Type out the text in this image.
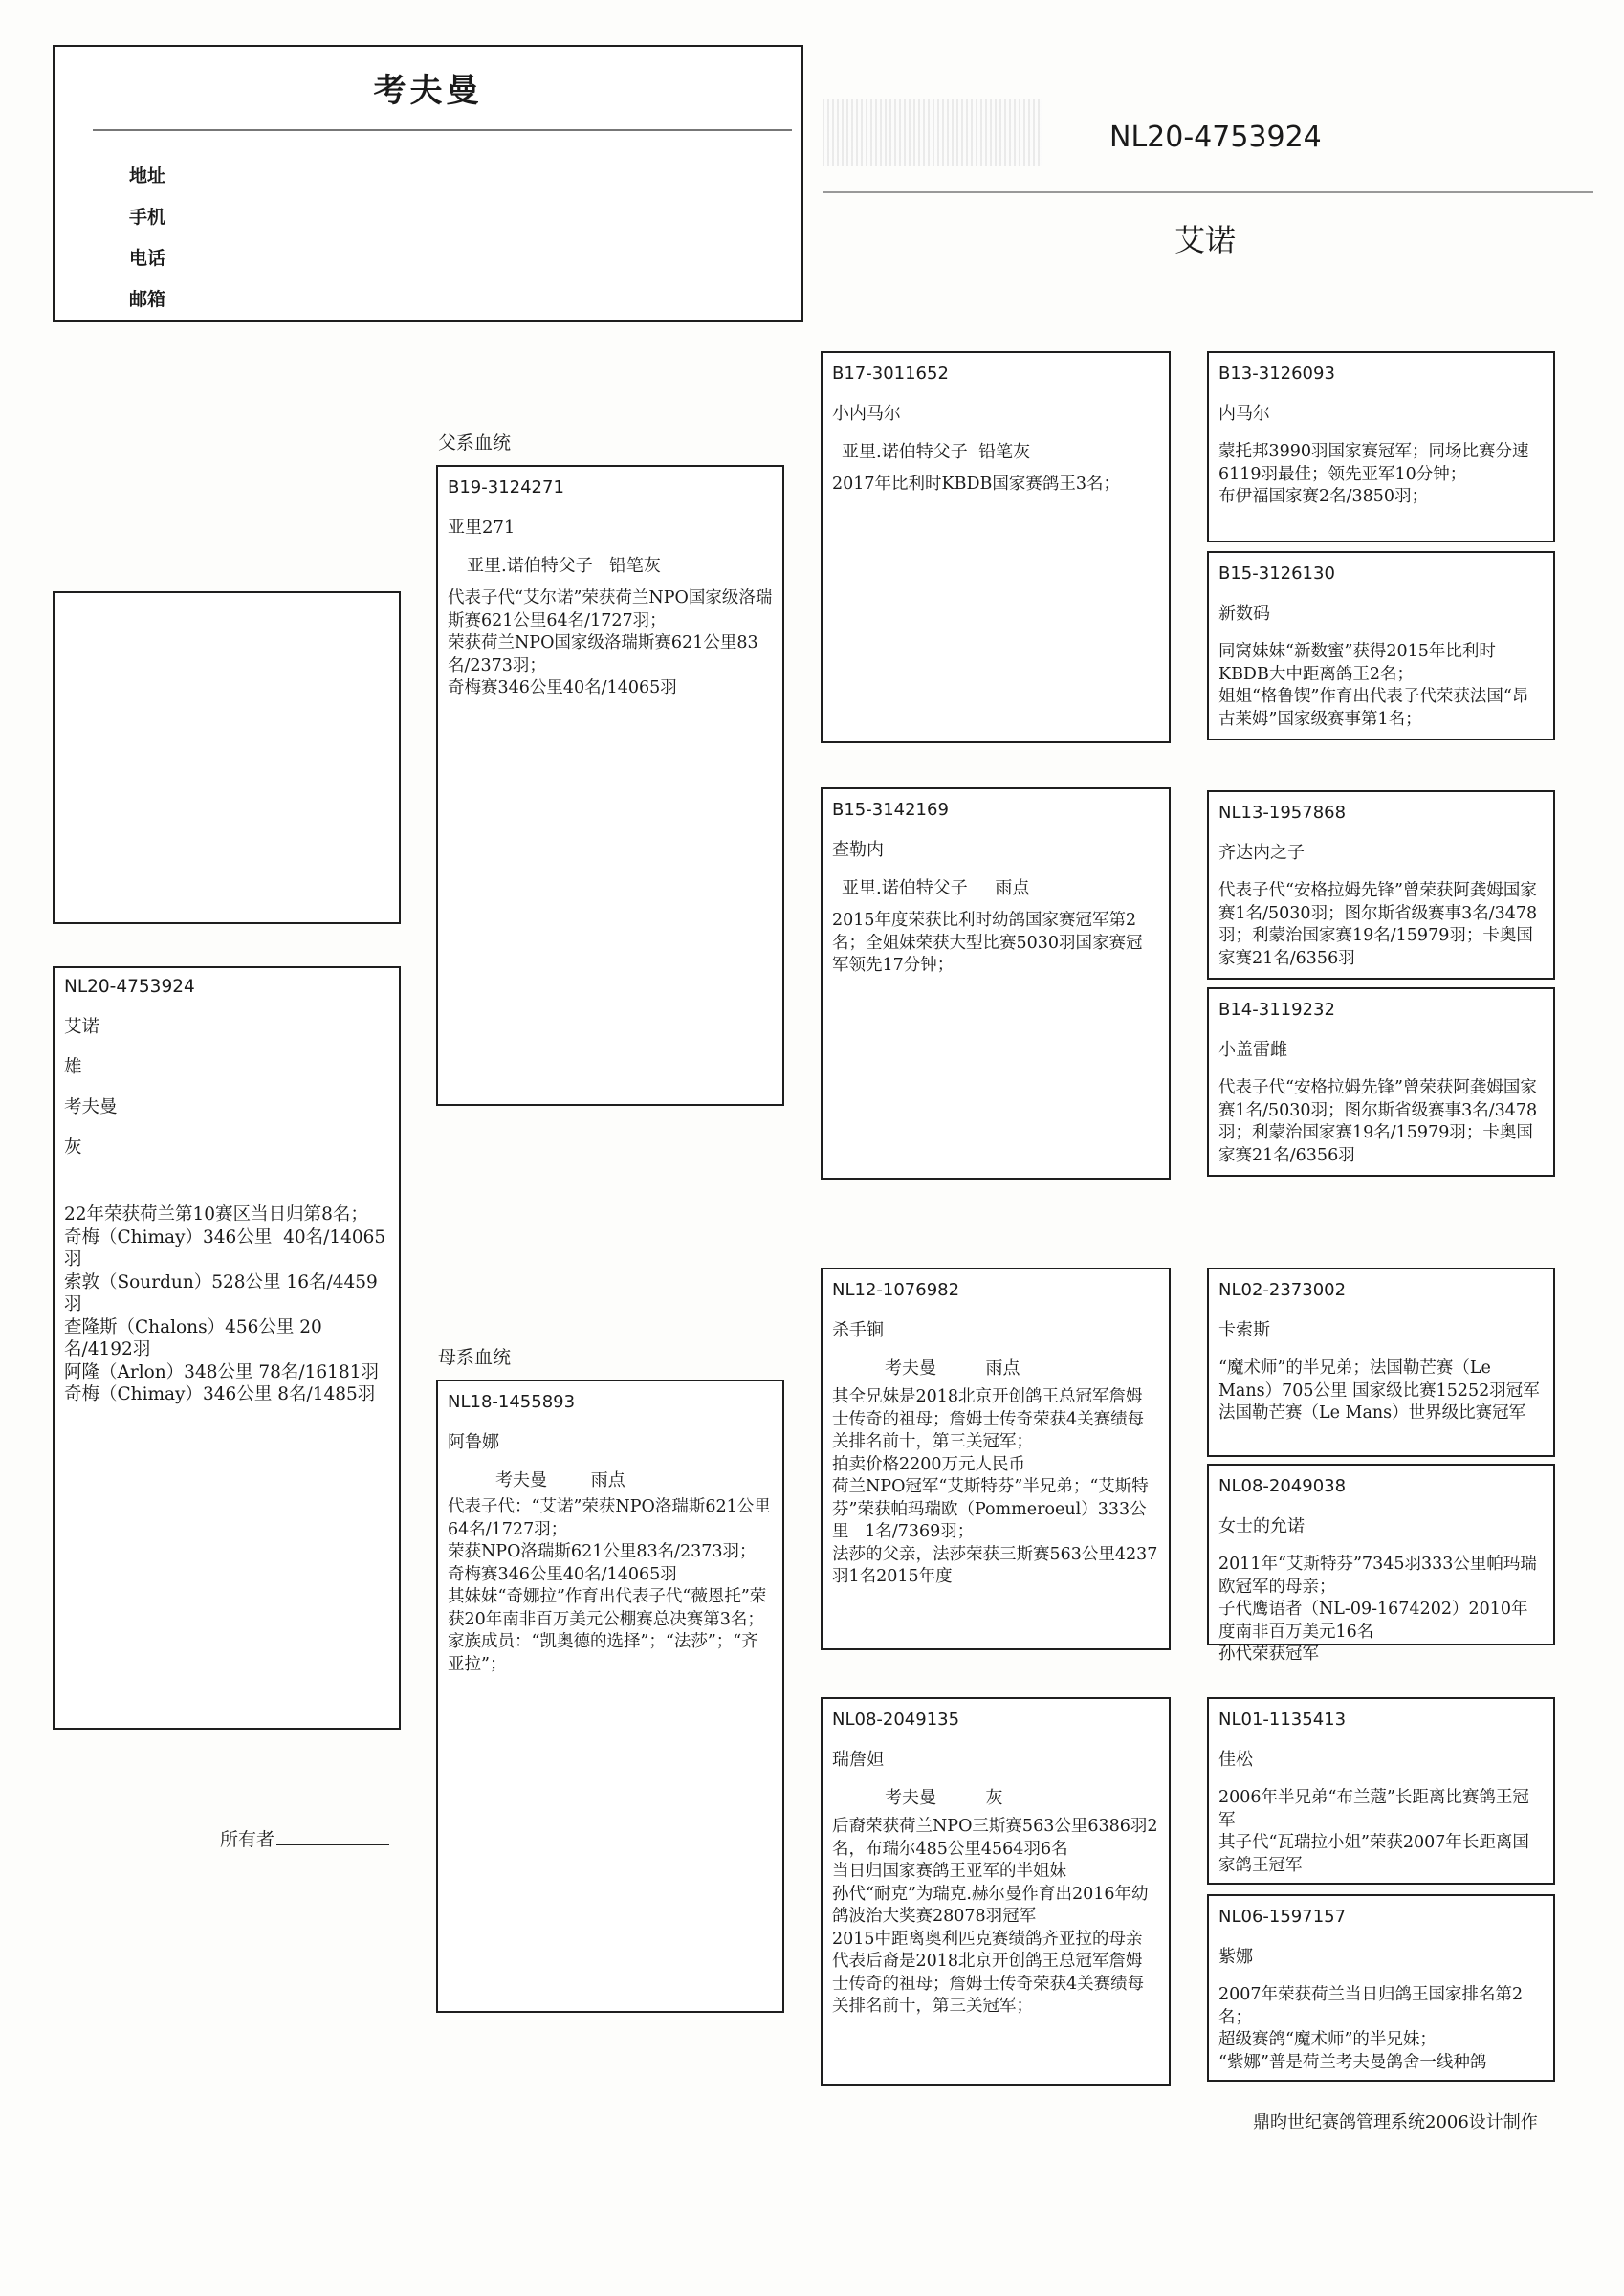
考夫曼
地址
手机
电话
邮箱
NL20-4753924
艾诺
NL20-4753924
艾诺
雄
考夫曼
灰
22年荣获荷兰第10赛区当日归第8名；
奇梅（Chimay）346公里  40名/14065羽
索敦（Sourdun）528公里 16名/4459羽
查隆斯（Chalons）456公里 20名/4192羽
阿隆（Arlon）348公里 78名/16181羽
奇梅（Chimay）346公里 8名/1485羽
父系血统
母系血统
B19-3124271
亚里271
亚里.诺伯特父子   铅笔灰
代表子代“艾尔诺”荣获荷兰NPO国家级洛瑞斯赛621公里64名/1727羽；
荣获荷兰NPO国家级洛瑞斯赛621公里83名/2373羽；
奇梅赛346公里40名/14065羽
NL18-1455893
阿鲁娜
考夫曼        雨点
代表子代：“艾诺”荣获NPO洛瑞斯621公里64名/1727羽；
荣获NPO洛瑞斯621公里83名/2373羽；
奇梅赛346公里40名/14065羽
其妹妹“奇娜拉”作育出代表子代“薇恩托”荣获20年南非百万美元公棚赛总决赛第3名；
家族成员：“凯奥德的选择”；“法莎”；“齐亚拉”；
B17-3011652
小内马尔
亚里.诺伯特父子  铅笔灰
2017年比利时KBDB国家赛鸽王3名；
B15-3142169
查勒内
亚里.诺伯特父子     雨点
2015年度荣获比利时幼鸽国家赛冠军第2名；全姐妹荣获大型比赛5030羽国家赛冠军领先17分钟；
NL12-1076982
杀手锏
考夫曼         雨点
其全兄妹是2018北京开创鸽王总冠军詹姆士传奇的祖母；詹姆士传奇荣获4关赛绩每关排名前十，第三关冠军；
拍卖价格2200万元人民币
荷兰NPO冠军“艾斯特芬”半兄弟；“艾斯特芬”荣获帕玛瑞欧（Pommeroeul）333公里   1名/7369羽；
法莎的父亲，法莎荣获三斯赛563公里4237羽1名2015年度
NL08-2049135
瑞詹妲
考夫曼         灰
后裔荣获荷兰NPO三斯赛563公里6386羽2名，布瑞尔485公里4564羽6名
当日归国家赛鸽王亚军的半姐妹
孙代“耐克”为瑞克.赫尔曼作育出2016年幼鸽波治大奖赛28078羽冠军
2015中距离奥利匹克赛绩鸽齐亚拉的母亲
代表后裔是2018北京开创鸽王总冠军詹姆士传奇的祖母；詹姆士传奇荣获4关赛绩每关排名前十，第三关冠军；
B13-3126093
内马尔
蒙托邦3990羽国家赛冠军；同场比赛分速6119羽最佳；领先亚军10分钟；
布伊福国家赛2名/3850羽；
B15-3126130
新数码
同窝妹妹“新数蜜”获得2015年比利时KBDB大中距离鸽王2名；
姐姐“格鲁锲”作育出代表子代荣获法国“昂古莱姆”国家级赛事第1名；
NL13-1957868
齐达内之子
代表子代“安格拉姆先锋”曾荣获阿龚姆国家赛1名/5030羽；图尔斯省级赛事3名/3478羽；利蒙治国家赛19名/15979羽；卡奥国家赛21名/6356羽
B14-3119232
小盖雷雌
代表子代“安格拉姆先锋”曾荣获阿龚姆国家赛1名/5030羽；图尔斯省级赛事3名/3478羽；利蒙治国家赛19名/15979羽；卡奥国家赛21名/6356羽
NL02-2373002
卡索斯
“魔术师”的半兄弟；法国勒芒赛（Le Mans）705公里 国家级比赛15252羽冠军
法国勒芒赛（Le Mans）世界级比赛冠军
NL08-2049038
女士的允诺
2011年“艾斯特芬”7345羽333公里帕玛瑞欧冠军的母亲；
子代鹰语者（NL-09-1674202）2010年度南非百万美元16名
孙代荣获冠军
NL01-1135413
佳松
2006年半兄弟“布兰蔻”长距离比赛鸽王冠军
其子代“瓦瑞拉小姐”荣获2007年长距离国家鸽王冠军
NL06-1597157
紫娜
2007年荣获荷兰当日归鸽王国家排名第2名；
超级赛鸽“魔术师”的半兄妹；
“紫娜”普是荷兰考夫曼鸽舍一线种鸽
所有者
鼎昀世纪赛鸽管理系统2006设计制作
